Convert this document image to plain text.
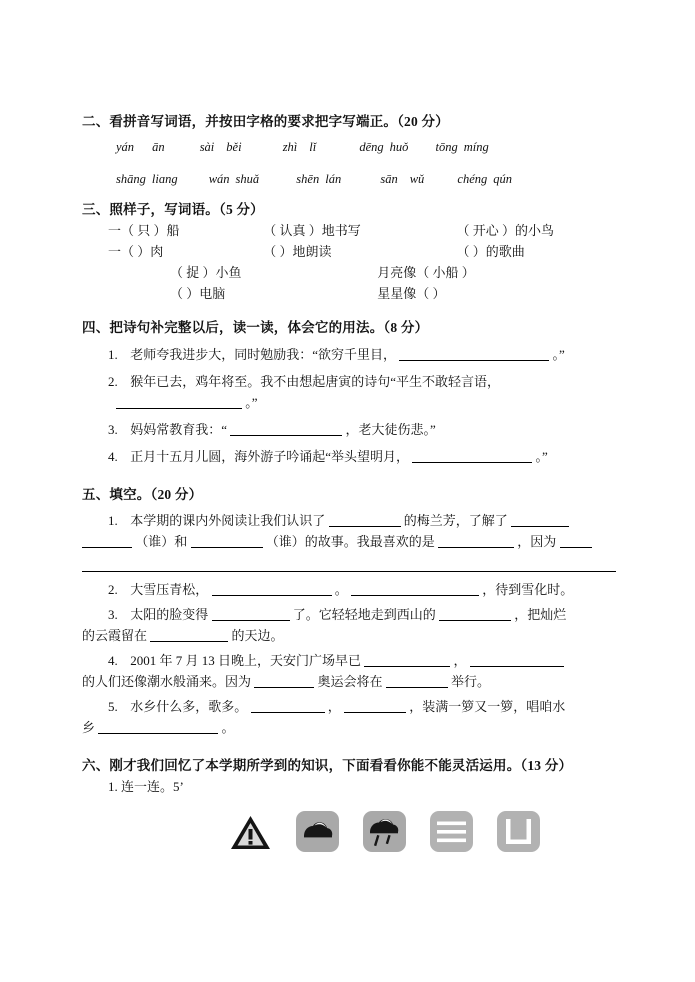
二、看拼音写词语，并按田字格的要求把字写端正。（20 分）
yán ān	sài běi	zhì lǐ	dēng huǒ tōng míng
shāng liɑng wán shuǎ	shēn lán	sān wǔ	chéng qún
三、照样子，写词语。（5 分）
一（ 只 ）船	（ 认真 ）地书写	（ 开心 ）的小鸟
一（ ）肉	（ ）地朗读	（ ）的歌曲
（ 捉 ）小鱼	月亮像（ 小船 ）
（ ）电脑	星星像（ ）
四、把诗句补完整以后，读一读，体会它的用法。（8 分）
1. 老师夸我进步大，同时勉励我：“欲穷千里目，	。”
2. 猴年已去，鸡年将至。我不由想起唐寅的诗句“平生不敢轻言语，
。”
3. 妈妈常教育我：“	，老大徒伤悲。”
4. 正月十五月儿圆，海外游子吟诵起“举头望明月，	。”
五、填空。（20 分）
1. 本学期的课内外阅读让我们认识了	的梅兰芳，了解了
（谁）和	（谁）的故事。我最喜欢的是	，因为
2. 大雪压青松，	。	，待到雪化时。
3. 太阳的脸变得	了。它轻轻地走到西山的	，把灿烂
的云霞留在	的天边。
4. 2001 年 7 月 13 日晚上，天安门广场早已	，
的人们还像潮水般涌来。因为	奥运会将在	举行。
5. 水乡什么多，歌多。	，	，装满一箩又一箩，唱咱水
乡	。
六、刚才我们回忆了本学期所学到的知识，下面看看你能不能灵活运用。（13 分）
1. 连一连。5’
